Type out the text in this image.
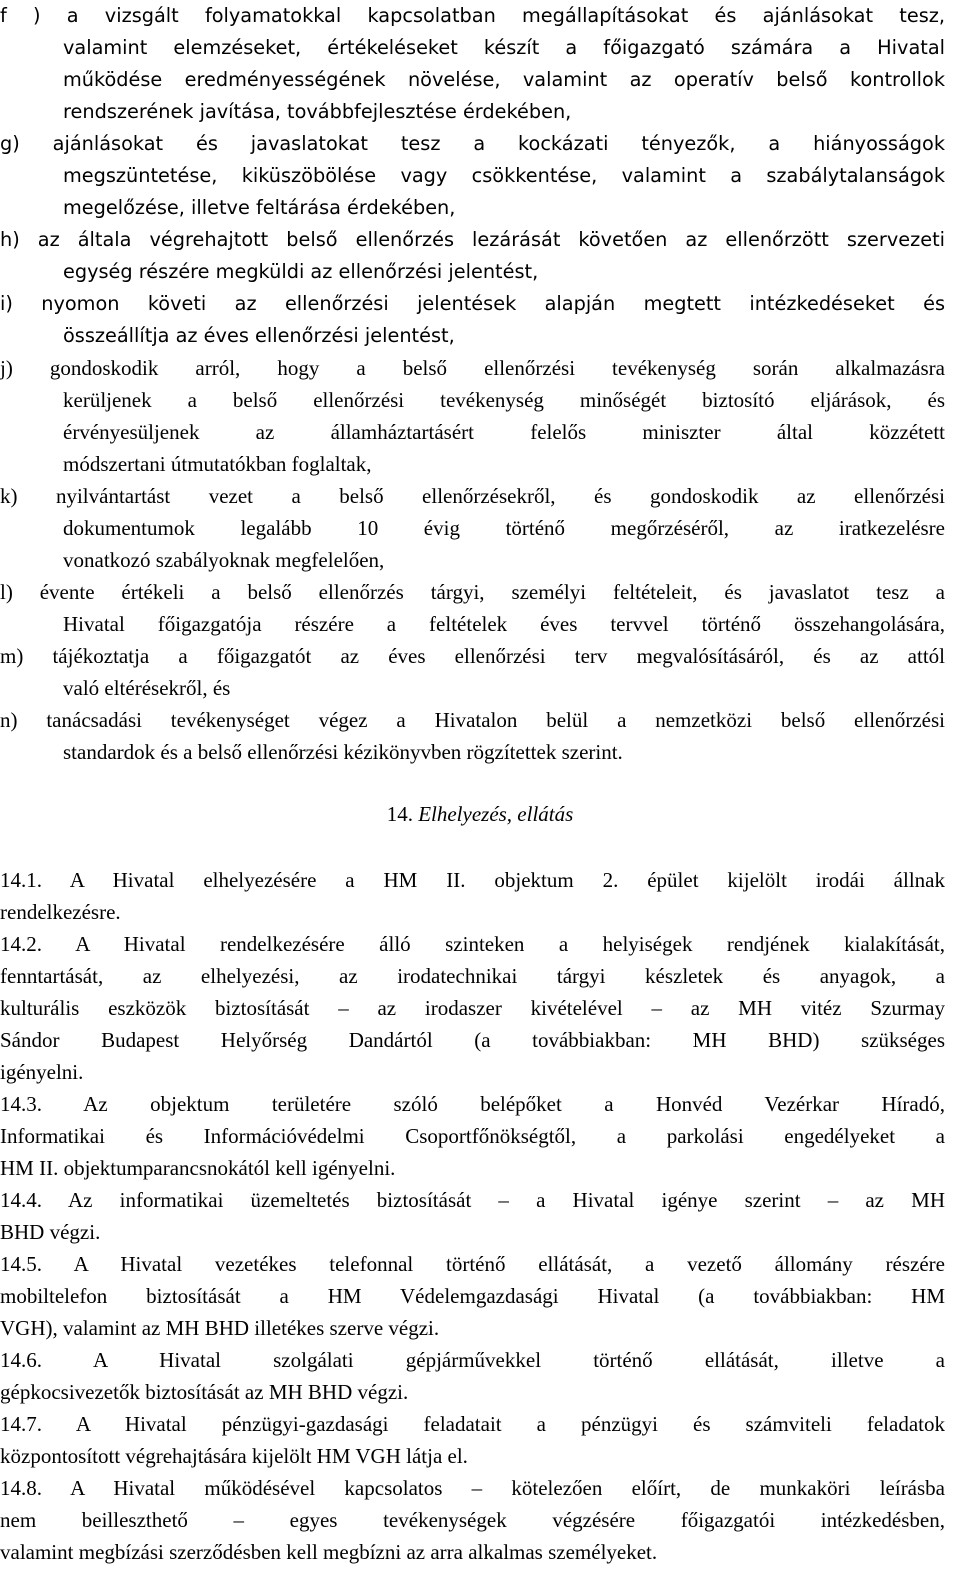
f ) a vizsgált folyamatokkal kapcsolatban megállapításokat és ajánlásokat tesz,
valamint elemzéseket, értékeléseket készít a főigazgató számára a Hivatal
működése eredményességének növelése, valamint az operatív belső kontrollok
rendszerének javítása, továbbfejlesztése érdekében,
g) ajánlásokat és javaslatokat tesz a kockázati tényezők, a hiányosságok
megszüntetése, kiküszöbölése vagy csökkentése, valamint a szabálytalanságok
megelőzése, illetve feltárása érdekében,
h) az általa végrehajtott belső ellenőrzés lezárását követően az ellenőrzött szervezeti
egység részére megküldi az ellenőrzési jelentést,
i) nyomon követi az ellenőrzési jelentések alapján megtett intézkedéseket és
összeállítja az éves ellenőrzési jelentést,
j) gondoskodik arról, hogy a belső ellenőrzési tevékenység során alkalmazásra
kerüljenek a belső ellenőrzési tevékenység minőségét biztosító eljárások, és
érvényesüljenek az államháztartásért felelős miniszter által közzétett
módszertani útmutatókban foglaltak,
k) nyilvántartást vezet a belső ellenőrzésekről, és gondoskodik az ellenőrzési
dokumentumok legalább 10 évig történő megőrzéséről, az iratkezelésre
vonatkozó szabályoknak megfelelően,
l) évente értékeli a belső ellenőrzés tárgyi, személyi feltételeit, és javaslatot tesz a
Hivatal főigazgatója részére a feltételek éves tervvel történő összehangolására,
m) tájékoztatja a főigazgatót az éves ellenőrzési terv megvalósításáról, és az attól
való eltérésekről, és
n) tanácsadási tevékenységet végez a Hivatalon belül a nemzetközi belső ellenőrzési
standardok és a belső ellenőrzési kézikönyvben rögzítettek szerint.
14. Elhelyezés, ellátás
14.1. A Hivatal elhelyezésére a HM II. objektum 2. épület kijelölt irodái állnak
rendelkezésre.
14.2. A Hivatal rendelkezésére álló szinteken a helyiségek rendjének kialakítását,
fenntartását, az elhelyezési, az irodatechnikai tárgyi készletek és anyagok, a
kulturális eszközök biztosítását – az irodaszer kivételével – az MH vitéz Szurmay
Sándor Budapest Helyőrség Dandártól (a továbbiakban: MH BHD) szükséges
igényelni.
14.3. Az objektum területére szóló belépőket a Honvéd Vezérkar Híradó,
Informatikai és Információvédelmi Csoportfőnökségtől, a parkolási engedélyeket a
HM II. objektumparancsnokától kell igényelni.
14.4. Az informatikai üzemeltetés biztosítását – a Hivatal igénye szerint – az MH
BHD végzi.
14.5. A Hivatal vezetékes telefonnal történő ellátását, a vezető állomány részére
mobiltelefon biztosítását a HM Védelemgazdasági Hivatal (a továbbiakban: HM
VGH), valamint az MH BHD illetékes szerve végzi.
14.6. A Hivatal szolgálati gépjárművekkel történő ellátását, illetve a
gépkocsivezetők biztosítását az MH BHD végzi.
14.7. A Hivatal pénzügyi-gazdasági feladatait a pénzügyi és számviteli feladatok
központosított végrehajtására kijelölt HM VGH látja el.
14.8. A Hivatal működésével kapcsolatos – kötelezően előírt, de munkaköri leírásba
nem beilleszthető – egyes tevékenységek végzésére főigazgatói intézkedésben,
valamint megbízási szerződésben kell megbízni az arra alkalmas személyeket.
